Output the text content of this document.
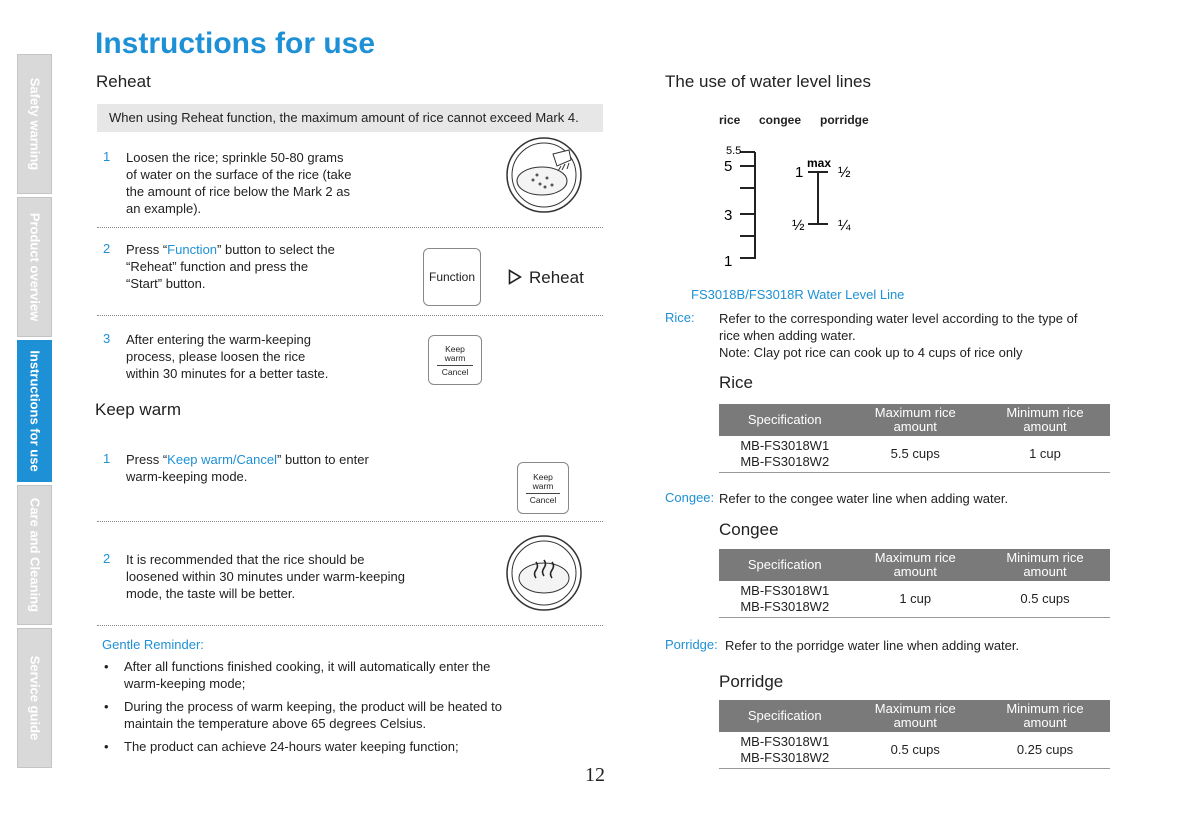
Safety warning
Product overview
Instructions for use
Care and Cleaning
Service guide
Instructions for use
Reheat
When using Reheat function, the maximum amount of rice cannot exceed Mark 4.
1 Loosen the rice; sprinkle 50-80 grams
of water on the surface of the rice (take
the amount of rice below the Mark 2 as
an example).
2 Press “Function” button to select the
“Reheat” function and press the
“Start” button.	Function	Reheat
3 After entering the warm-keeping
process, please loosen the rice
within 30 minutes for a better taste.
Keep
warm
Cancel
Keep warm
1 Press “Keep warm/Cancel” button to enter
warm-keeping mode.	Keep
warm
Cancel
2 It is recommended that the rice should be
loosened within 30 minutes under warm-keeping
mode, the taste will be better.
Gentle Reminder:
• After all functions finished cooking, it will automatically enter the
warm-keeping mode;
• During the process of warm keeping, the product will be heated to
maintain the temperature above 65 degrees Celsius.
• The product can achieve 24-hours water keeping function;
12
The use of water level lines
rice congee porridge
5.5
5
3
1
max
1 ½
½ ¼
FS3018B/FS3018R Water Level Line
Rice: Refer to the corresponding water level according to the type of
rice when adding water.
Note: Clay pot rice can cook up to 4 cups of rice only
Rice
Specification	Maximum rice amount	Minimum rice amount

MB-FS3018W1
MB-FS3018W2	5.5 cups	1 cup
Congee: Refer to the congee water line when adding water.
Congee
Specification	Maximum rice amount	Minimum rice amount

MB-FS3018W1
MB-FS3018W2	1 cup	0.5 cups
Porridge: Refer to the porridge water line when adding water.
Porridge
Specification	Maximum rice amount	Minimum rice amount

MB-FS3018W1
MB-FS3018W2	0.5 cups	0.25 cups
